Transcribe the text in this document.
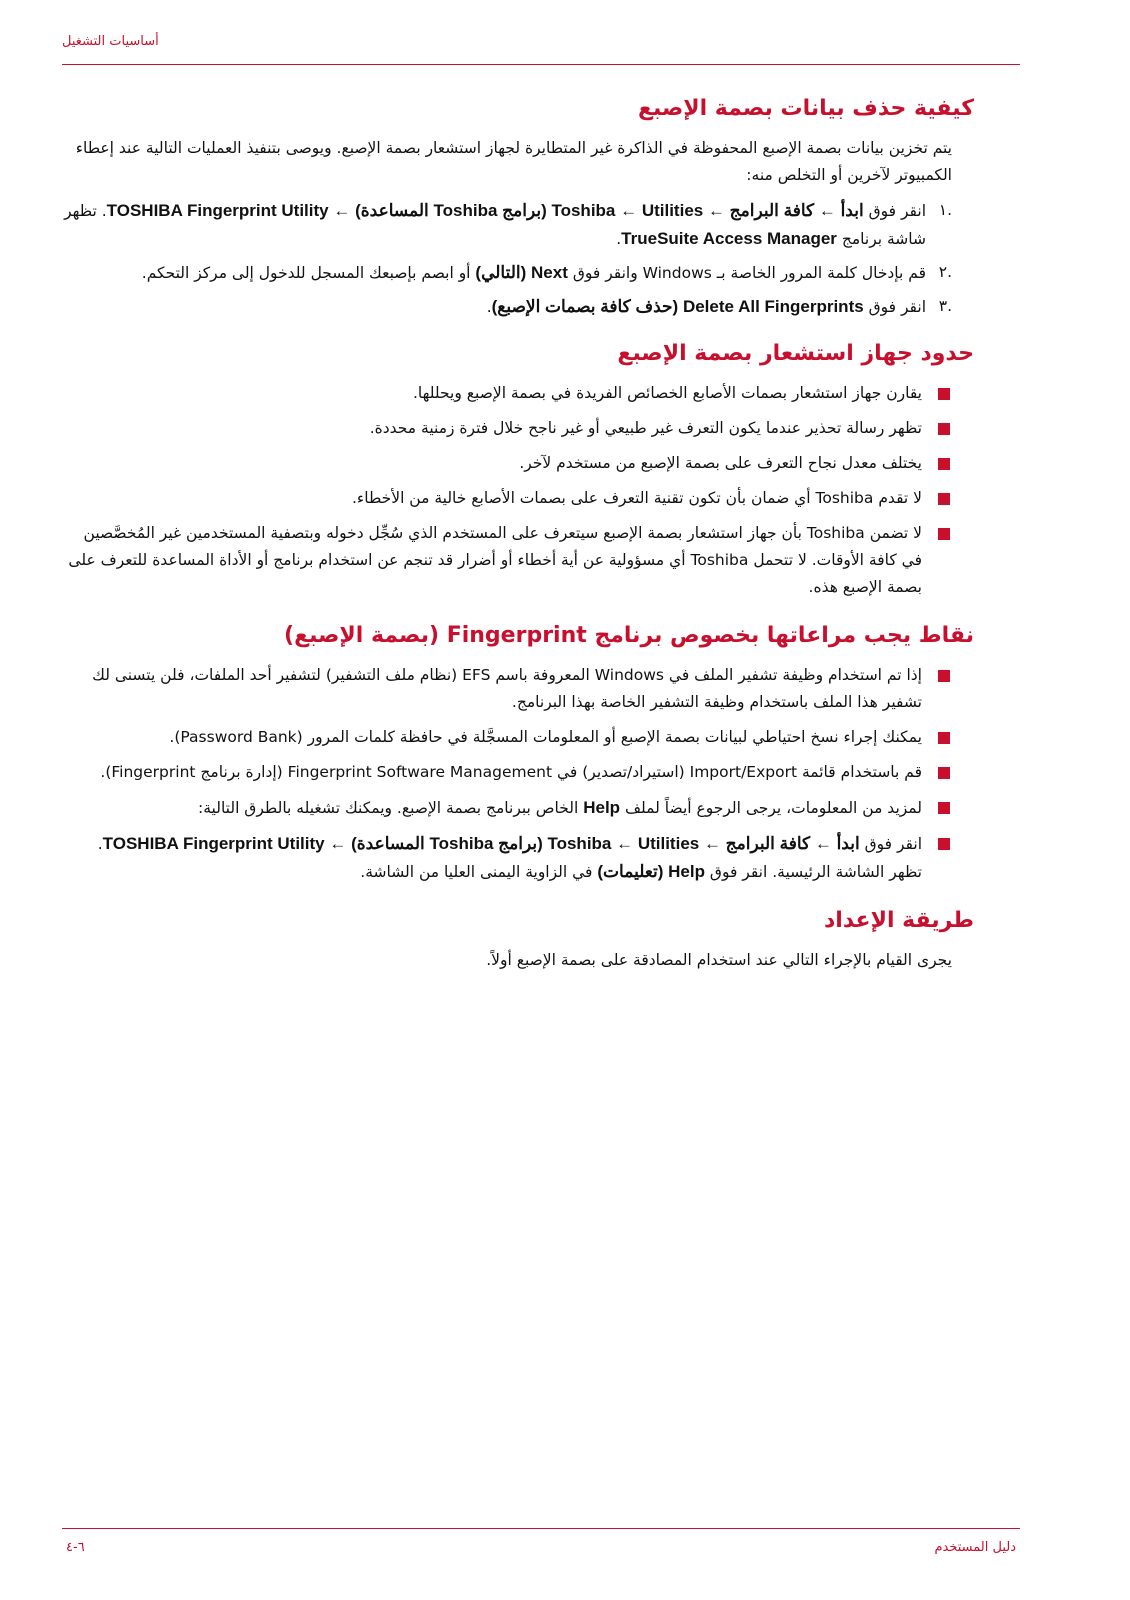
أساسيات التشغيل
كيفية حذف بيانات بصمة الإصبع

يتم تخزين بيانات بصمة الإصبع المحفوظة في الذاكرة غير المتطايرة لجهاز استشعار بصمة الإصبع. ويوصى بتنفيذ العمليات التالية عند إعطاء الكمبيوتر لآخرين أو التخلص منه:

.١
انقر فوق ابدأ ← كافة البرامج ← Toshiba ← Utilities (برامج Toshiba المساعدة) ← TOSHIBA Fingerprint Utility. تظهر شاشة برنامج TrueSuite Access Manager.
.٢
قم بإدخال كلمة المرور الخاصة بـ Windows وانقر فوق Next (التالي) أو ابصم بإصبعك المسجل للدخول إلى مركز التحكم.
.٣
انقر فوق Delete All Fingerprints (حذف كافة بصمات الإصبع).
حدود جهاز استشعار بصمة الإصبع
يقارن جهاز استشعار بصمات الأصابع الخصائص الفريدة في بصمة الإصبع ويحللها.
تظهر رسالة تحذير عندما يكون التعرف غير طبيعي أو غير ناجح خلال فترة زمنية محددة.
يختلف معدل نجاح التعرف على بصمة الإصبع من مستخدم لآخر.
لا تقدم Toshiba أي ضمان بأن تكون تقنية التعرف على بصمات الأصابع خالية من الأخطاء.
لا تضمن Toshiba بأن جهاز استشعار بصمة الإصبع سيتعرف على المستخدم الذي سُجِّل دخوله وبتصفية المستخدمين غير المُخصَّصين في كافة الأوقات. لا تتحمل Toshiba أي مسؤولية عن أية أخطاء أو أضرار قد تنجم عن استخدام برنامج أو الأداة المساعدة للتعرف على بصمة الإصبع هذه.
نقاط يجب مراعاتها بخصوص برنامج Fingerprint (بصمة الإصبع)
إذا تم استخدام وظيفة تشفير الملف في Windows المعروفة باسم EFS (نظام ملف التشفير) لتشفير أحد الملفات، فلن يتسنى لك تشفير هذا الملف باستخدام وظيفة التشفير الخاصة بهذا البرنامج.
يمكنك إجراء نسخ احتياطي لبيانات بصمة الإصبع أو المعلومات المسجَّلة في حافظة كلمات المرور (Password Bank).
قم باستخدام قائمة Import/Export (استيراد/تصدير) في Fingerprint Software Management (إدارة برنامج Fingerprint).
لمزيد من المعلومات، يرجى الرجوع أيضاً لملف Help الخاص ببرنامج بصمة الإصبع. ويمكنك تشغيله بالطرق التالية:
انقر فوق ابدأ ← كافة البرامج ← Toshiba ← Utilities (برامج Toshiba المساعدة) ← TOSHIBA Fingerprint Utility. تظهر الشاشة الرئيسية. انقر فوق Help (تعليمات) في الزاوية اليمنى العليا من الشاشة.
طريقة الإعداد

يجرى القيام بالإجراء التالي عند استخدام المصادقة على بصمة الإصبع أولاً.

٦-٤	دليل المستخدم
